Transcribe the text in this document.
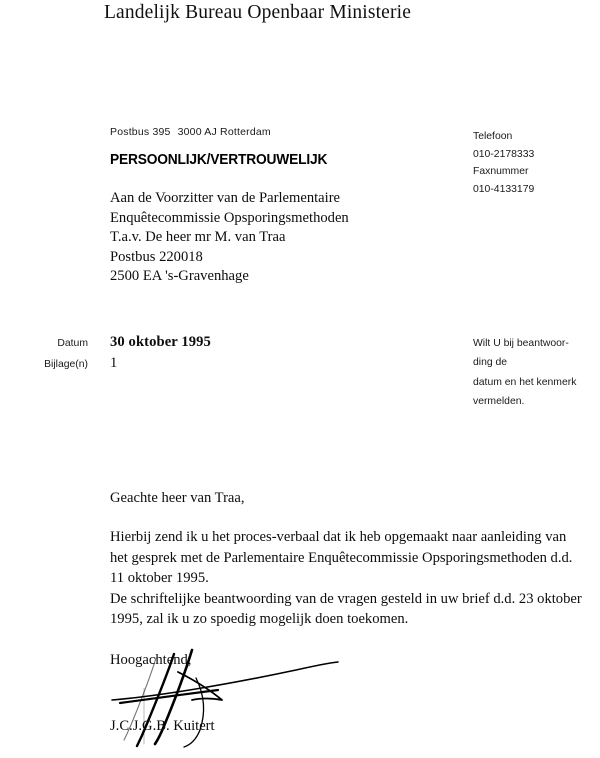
Landelijk Bureau Openbaar Ministerie
Postbus 395 3000 AJ Rotterdam
PERSOONLIJK/VERTROUWELIJK
Aan de Voorzitter van de Parlementaire
Enquêtecommissie Opsporingsmethoden
T.a.v. De heer mr M. van Traa
Postbus 220018
2500 EA 's-Gravenhage
Telefoon
010-2178333
Faxnummer
010-4133179
Datum
Bijlage(n)
30 oktober 1995
1
Wilt U bij beantwoor-
ding de
datum en het kenmerk
vermelden.
Geachte heer van Traa,
Hierbij zend ik u het proces-verbaal dat ik heb opgemaakt naar aanleiding van
het gesprek met de Parlementaire Enquêtecommissie Opsporingsmethoden d.d.
11 oktober 1995.
De schriftelijke beantwoording van de vragen gesteld in uw brief d.d. 23 oktober
1995, zal ik u zo spoedig mogelijk doen toekomen.
Hoogachtend,
J.C.J.G.B. Kuitert
